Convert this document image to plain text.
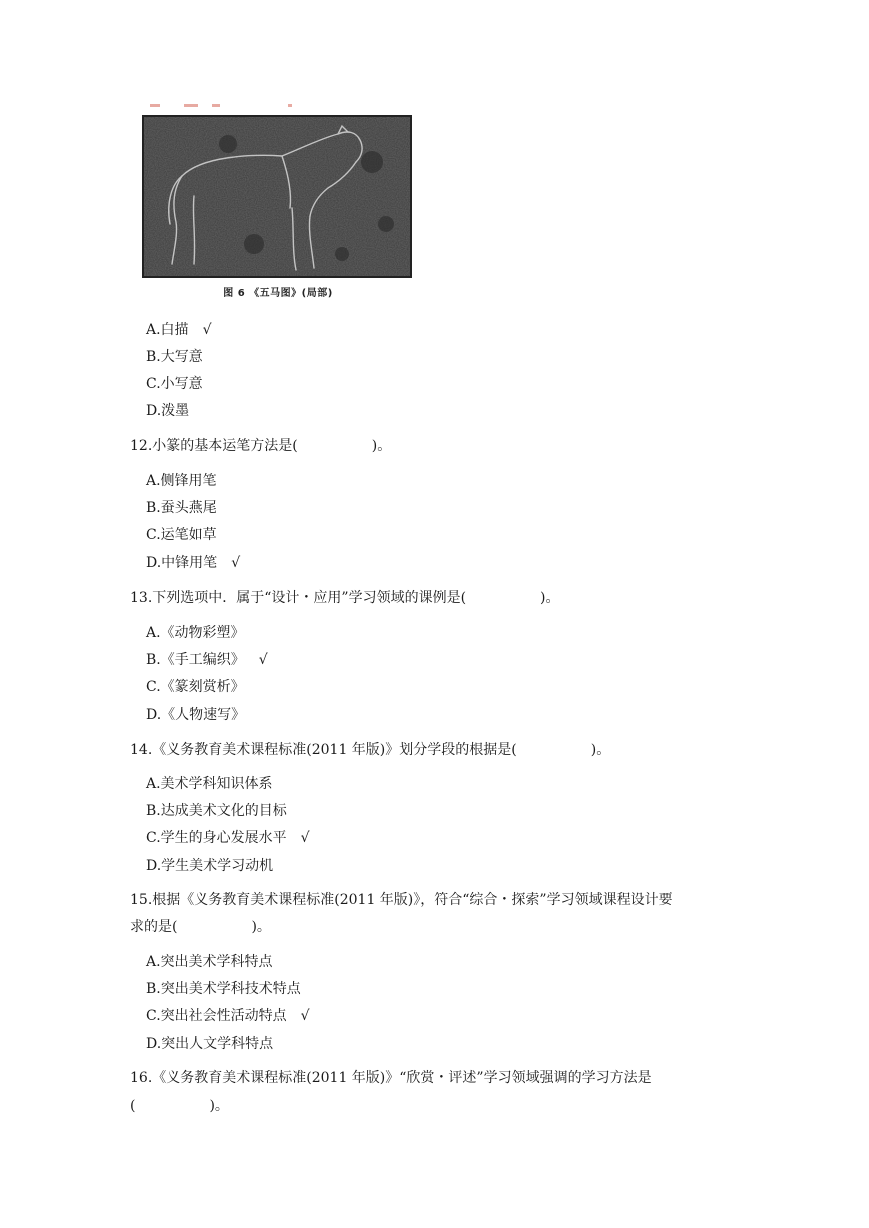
图 6 《五马图》(局部)
A.白描 √
B.大写意
C.小写意
D.泼墨
12.小篆的基本运笔方法是(	)。
A.侧锋用笔
B.蚕头燕尾
C.运笔如草
D.中锋用笔 √
13.下列选项中．属于“设计・应用”学习领域的课例是(	)。
A.《动物彩塑》
B.《手工编织》 √
C.《篆刻赏析》
D.《人物速写》
14.《义务教育美术课程标准(2011 年版)》划分学段的根据是(	)。
A.美术学科知识体系
B.达成美术文化的目标
C.学生的身心发展水平 √
D.学生美术学习动机
15.根据《义务教育美术课程标准(2011 年版)》，符合“综合・探索”学习领域课程设计要
求的是(	)。
A.突出美术学科特点
B.突出美术学科技术特点
C.突出社会性活动特点 √
D.突出人文学科特点
16.《义务教育美术课程标准(2011 年版)》“欣赏・评述”学习领域强调的学习方法是
(	)。
